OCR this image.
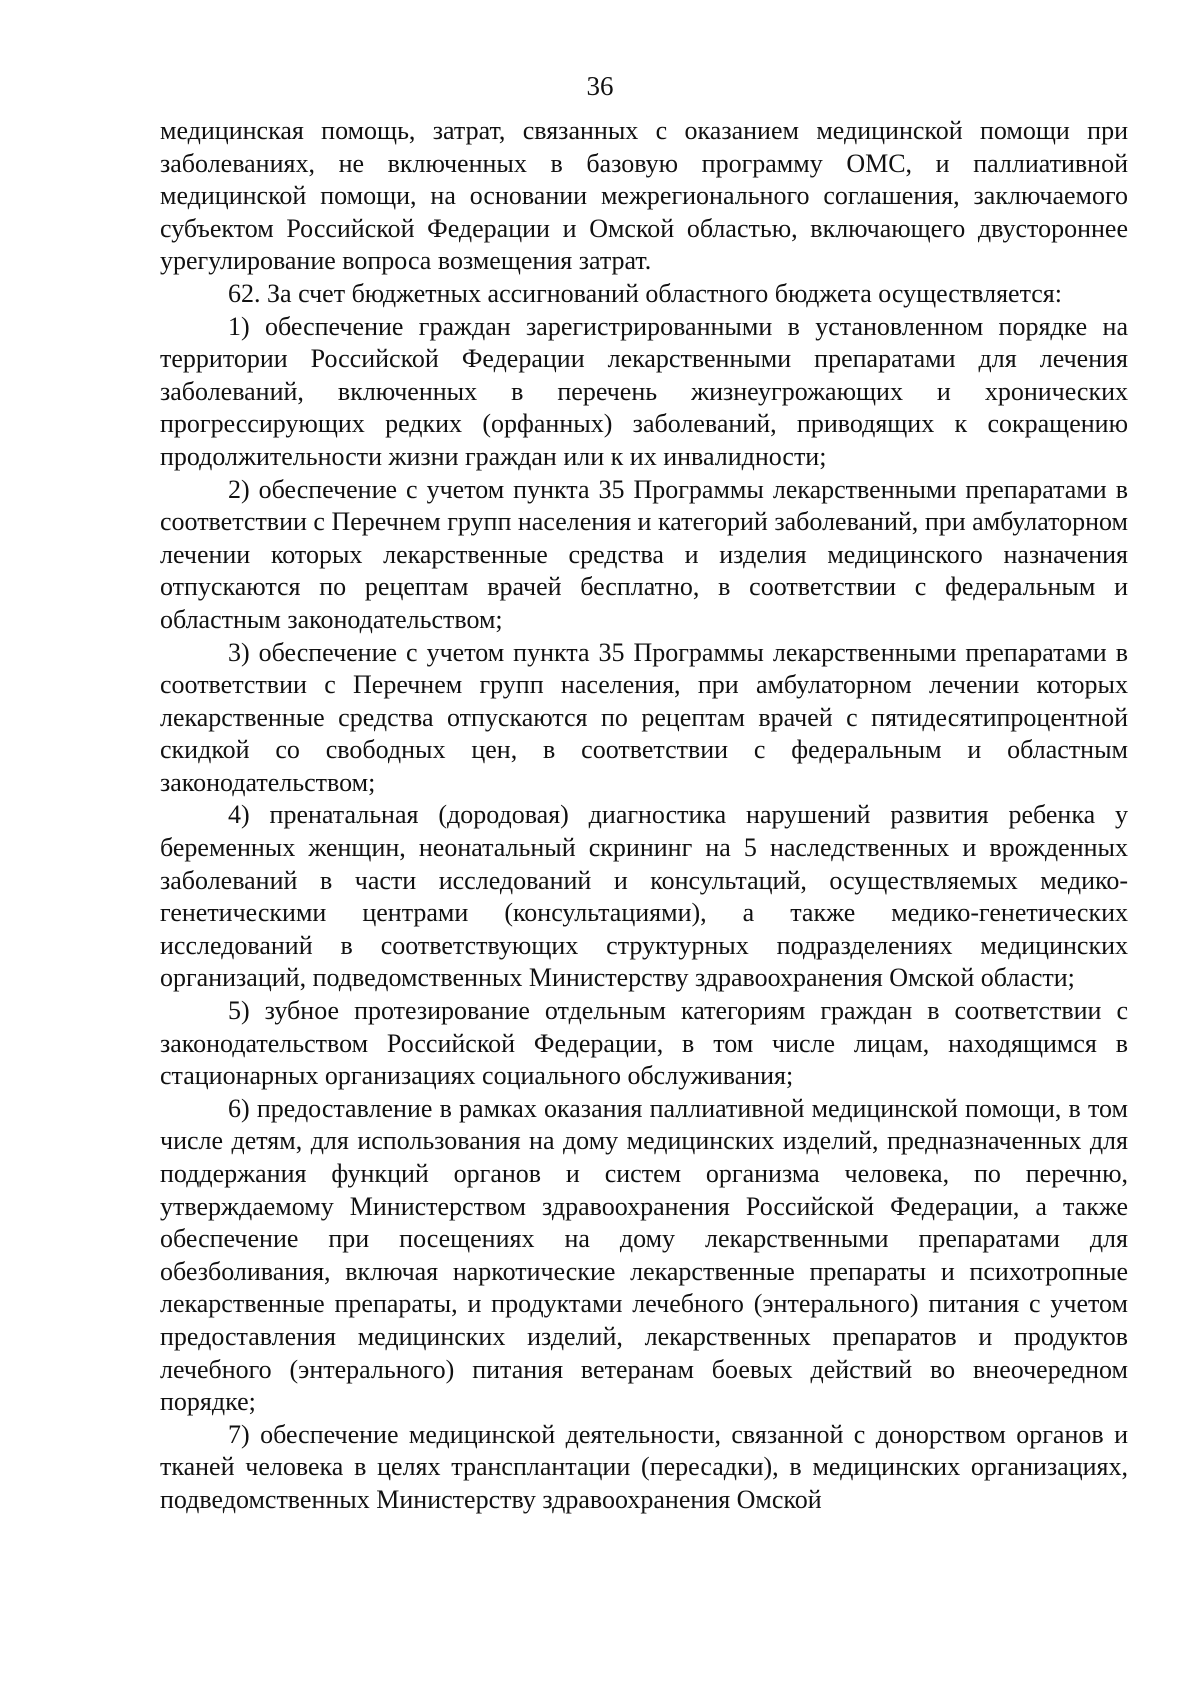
36

медицинская помощь, затрат, связанных с оказанием медицинской помощи при заболеваниях, не включенных в базовую программу ОМС, и паллиативной медицинской помощи, на основании межрегионального соглашения, заключаемого субъектом Российской Федерации и Омской областью, включающего двустороннее урегулирование вопроса возмещения затрат.

62. За счет бюджетных ассигнований областного бюджета осуществляется:

1) обеспечение граждан зарегистрированными в установленном порядке на территории Российской Федерации лекарственными препаратами для лечения заболеваний, включенных в перечень жизнеугрожающих и хронических прогрессирующих редких (орфанных) заболеваний, приводящих к сокращению продолжительности жизни граждан или к их инвалидности;

2) обеспечение с учетом пункта 35 Программы лекарственными препаратами в соответствии с Перечнем групп населения и категорий заболеваний, при амбулаторном лечении которых лекарственные средства и изделия медицинского назначения отпускаются по рецептам врачей бесплатно, в соответствии с федеральным и областным законодательством;

3) обеспечение с учетом пункта 35 Программы лекарственными препаратами в соответствии с Перечнем групп населения, при амбулаторном лечении которых лекарственные средства отпускаются по рецептам врачей с пятидесятипроцентной скидкой со свободных цен, в соответствии с федеральным и областным законодательством;

4) пренатальная (дородовая) диагностика нарушений развития ребенка у беременных женщин, неонатальный скрининг на 5 наследственных и врожденных заболеваний в части исследований и консультаций, осуществляемых медико-генетическими центрами (консультациями), а также медико-генетических исследований в соответствующих структурных подразделениях медицинских организаций, подведомственных Министерству здравоохранения Омской области;

5) зубное протезирование отдельным категориям граждан в соответствии с законодательством Российской Федерации, в том числе лицам, находящимся в стационарных организациях социального обслуживания;

6) предоставление в рамках оказания паллиативной медицинской помощи, в том числе детям, для использования на дому медицинских изделий, предназначенных для поддержания функций органов и систем организма человека, по перечню, утверждаемому Министерством здравоохранения Российской Федерации, а также обеспечение при посещениях на дому лекарственными препаратами для обезболивания, включая наркотические лекарственные препараты и психотропные лекарственные препараты, и продуктами лечебного (энтерального) питания с учетом предоставления медицинских изделий, лекарственных препаратов и продуктов лечебного (энтерального) питания ветеранам боевых действий во внеочередном порядке;

7) обеспечение медицинской деятельности, связанной с донорством органов и тканей человека в целях трансплантации (пересадки), в медицинских организациях, подведомственных Министерству здравоохранения Омской
